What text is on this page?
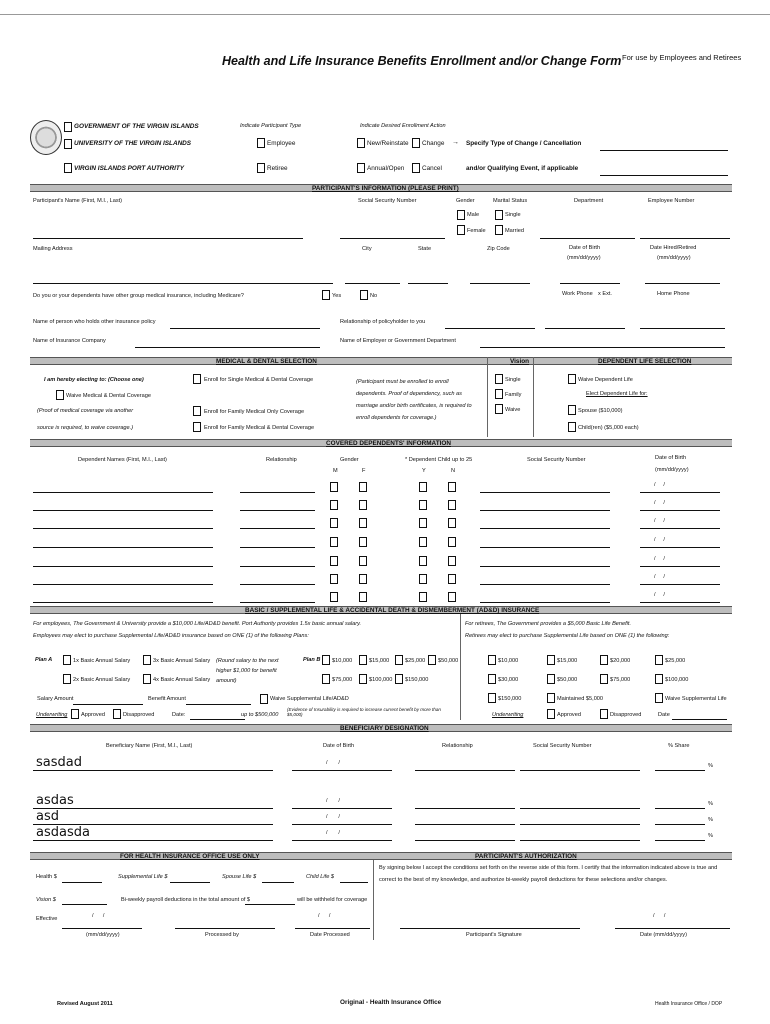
Health and Life Insurance Benefits Enrollment and/or Change Form For use by Employees and Retirees
GOVERNMENT OF THE VIRGIN ISLANDS
UNIVERSITY OF THE VIRGIN ISLANDS
VIRGIN ISLANDS PORT AUTHORITY
Indicate Participant Type
Employee
Retiree
Indicate Desired Enrollment Action
New/Reinstate Change → Specify Type of Change / Cancellation
Annual/Open	Cancel	and/or Qualifying Event, if applicable
PARTICIPANT'S INFORMATION (PLEASE PRINT)
Participant's Name (First, M.I., Last)	Social Security Number	Gender
Male
Female
Marital Status
Single
Married
Department	Employee Number
Mailing Address	City	State	Zip Code	Date of Birth
(mm/dd/yyyy)
Date Hired/Retired
(mm/dd/yyyy)
Do you or your dependents have other group medical insurance, including Medicare?	Yes	No	Work Phone x Ext.	Home Phone
Name of person who holds other insurance policy	Relationship of policyholder to you
Name of Insurance Company	Name of Employer or Government Department
MEDICAL & DENTAL SELECTION	Vision	DEPENDENT LIFE SELECTION
I am hereby electing to: (Choose one)
Waive Medical & Dental Coverage
(Proof of medical coverage via another
source is required, to waive coverage.)
Enroll for Single Medical & Dental Coverage
Enroll for Family Medical Only Coverage
Enroll for Family Medical & Dental Coverage
(Participant must be enrolled to enroll
dependents. Proof of dependency, such as
marriage and/or birth certificates, is required to
enroll dependents for coverage.)
Single
Family
Waive
Waive Dependent Life
Elect Dependent Life for:
Spouse ($10,000)
Child(ren) ($5,000 each)
COVERED DEPENDENTS' INFORMATION
Dependent Names (First, M.I., Last)	Relationship	Gender
M	F
* Dependent Child up to 25
Y	N
Social Security Number	Date of Birth
(mm/dd/yyyy)
/     /
/     /
/     /
/     /
/     /
/     /
/     /
BASIC / SUPPLEMENTAL LIFE & ACCIDENTAL DEATH & DISMEMBERMENT (AD&D) INSURANCE
For employees, The Government & University provide a $10,000 Life/AD&D benefit. Port Authority provides 1.5x basic annual salary.
Employees may elect to purchase Supplemental Life/AD&D insurance based on ONE (1) of the following Plans:
For retirees, The Government provides a $5,000 Basic Life Benefit.
Retirees may elect to purchase Supplemental Life based on ONE (1) the following:
Plan A	1x Basic Annual Salary	3x Basic Annual Salary
2x Basic Annual Salary	4x Basic Annual Salary
(Round salary to the next
higher $1,000 for benefit
amount)
Plan B $10,000	$15,000	$25,000 $50,000
$75,000	$100,000 $150,000
Salary Amount	Benefit Amount	Waive Supplemental Life/AD&D
(Evidence of Insurability is required to increase current benefit by more than $5,000)
Underwriting Approved	Disapproved	Date:	up to $500,000
$10,000	$15,000	$20,000	$25,000
$30,000	$50,000	$75,000	$100,000
$150,000	Maintained $5,000	Waive Supplemental Life
Underwriting	Approved	Disapproved	Date
BENEFICIARY DESIGNATION
Beneficiary Name (First, M.I., Last)	Date of Birth	Relationship	Social Security Number	% Share
sasdad	/       /	%
asdas	/       /	%
asd	/       /	%
asdasda	/       /	%
FOR HEALTH INSURANCE OFFICE USE ONLY	PARTICIPANT'S AUTHORIZATION
Health $	Supplemental Life $	Spouse Life $	Child Life $
Vision $	Bi-weekly payroll deductions in the total amount of $	will be withheld for coverage
Effective	/      /
(mm/dd/yyyy)	Processed by
/      /
Date Processed
By signing below I accept the conditions set forth on the reverse side of this form. I certify that the information indicated above is true and
correct to the best of my knowledge, and authorize bi-weekly payroll deductions for these selections and/or changes.
Participant's Signature
/      /
Date (mm/dd/yyyy)
Revised August 2011	Original - Health Insurance Office	Health Insurance Office / DOP
